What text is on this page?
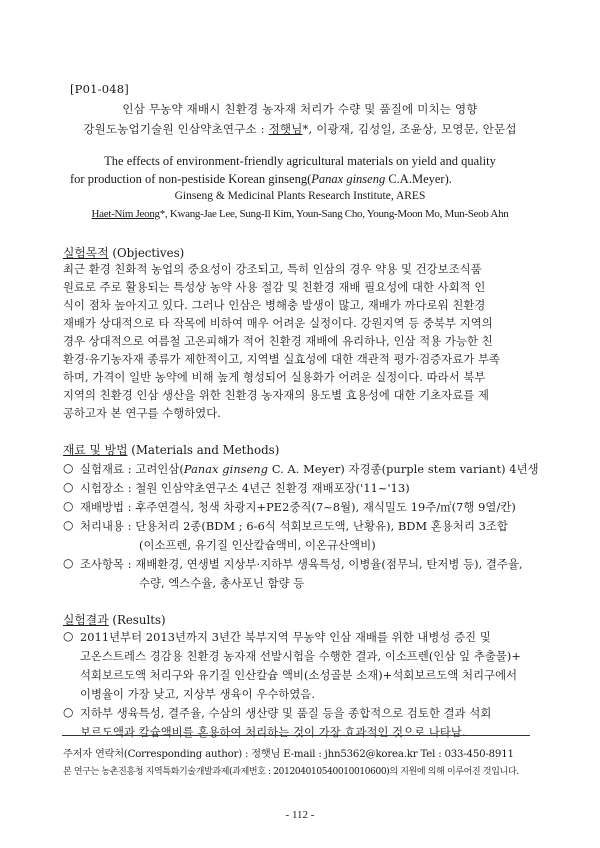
[P01-048]
인삼 무농약 재배시 친환경 농자재 처리가 수량 및 품질에 미치는 영향
강원도농업기술원 인삼약초연구소 : 정햇님*, 이광재, 김성일, 조윤상, 모영문, 안문섭
The effects of environment-friendly agricultural materials on yield and quality
for production of non-pestiside Korean ginseng(Panax ginseng C.A.Meyer).
Ginseng & Medicinal Plants Research Institute, ARES
Haet-Nim Jeong*, Kwang-Jae Lee, Sung-Il Kim, Youn-Sang Cho, Young-Moon Mo, Mun-Seob Ahn
실험목적 (Objectives)
최근 환경 친화적 농업의 중요성이 강조되고, 특히 인삼의 경우 약용 및 건강보조식품
원료로 주로 활용되는 특성상 농약 사용 절감 및 친환경 재배 필요성에 대한 사회적 인
식이 점차 높아지고 있다. 그러나 인삼은 병해충 발생이 많고, 재배가 까다로워 친환경
재배가 상대적으로 타 작목에 비하여 매우 어려운 실정이다. 강원지역 등 중북부 지역의
경우 상대적으로 여름철 고온피해가 적어 친환경 재배에 유리하나, 인삼 적용 가능한 친
환경·유기농자재 종류가 제한적이고, 지역별 실효성에 대한 객관적 평가·검증자료가 부족
하며, 가격이 일반 농약에 비해 높게 형성되어 실용화가 어려운 실정이다. 따라서 북부
지역의 친환경 인삼 생산을 위한 친환경 농자재의 용도별 효용성에 대한 기초자료를 제
공하고자 본 연구를 수행하였다.
재료 및 방법 (Materials and Methods)
○ 실험재료 : 고려인삼(Panax ginseng C. A. Meyer) 자경종(purple stem variant) 4년생
○ 시험장소 : 철원 인삼약초연구소 4년근 친환경 재배포장('11~'13)
○ 재배방법 : 후주연결식, 청색 차광지+PE2중직(7~8월), 재식밀도 19주/㎡(7행 9열/칸)
○ 처리내용 : 단용처리 2종(BDM ; 6-6식 석회보르도액, 난황유), BDM 혼용처리 3조합
(이소프렌, 유기질 인산칼슘액비, 이온규산액비)
○ 조사항목 : 재배환경, 연생별 지상부·지하부 생육특성, 이병율(점무늬, 탄저병 등), 결주율,
수량, 엑스수율, 총사포닌 함량 등
실험결과 (Results)
○ 2011년부터 2013년까지 3년간 북부지역 무농약 인삼 재배를 위한 내병성 증진 및
고온스트레스 경감용 친환경 농자재 선발시험을 수행한 결과, 이소프렌(인삼 잎 추출물)+
석회보르도액 처리구와 유기질 인산칼슘 액비(소성골분 소재)+석회보르도액 처리구에서
이병율이 가장 낮고, 지상부 생육이 우수하였음.
○ 지하부 생육특성, 결주율, 수삼의 생산량 및 품질 등을 종합적으로 검토한 결과 석회
보르도액과 칼슘액비를 혼용하여 처리하는 것이 가장 효과적인 것으로 나타남.
주저자 연락처(Corresponding author) : 정햇님 E-mail : jhn5362@korea.kr Tel : 033-450-8911
본 연구는 농촌진흥청 지역특화기술개발과제(과제번호 : 201204010540010010600)의 지원에 의해 이루어진 것입니다.
- 112 -
